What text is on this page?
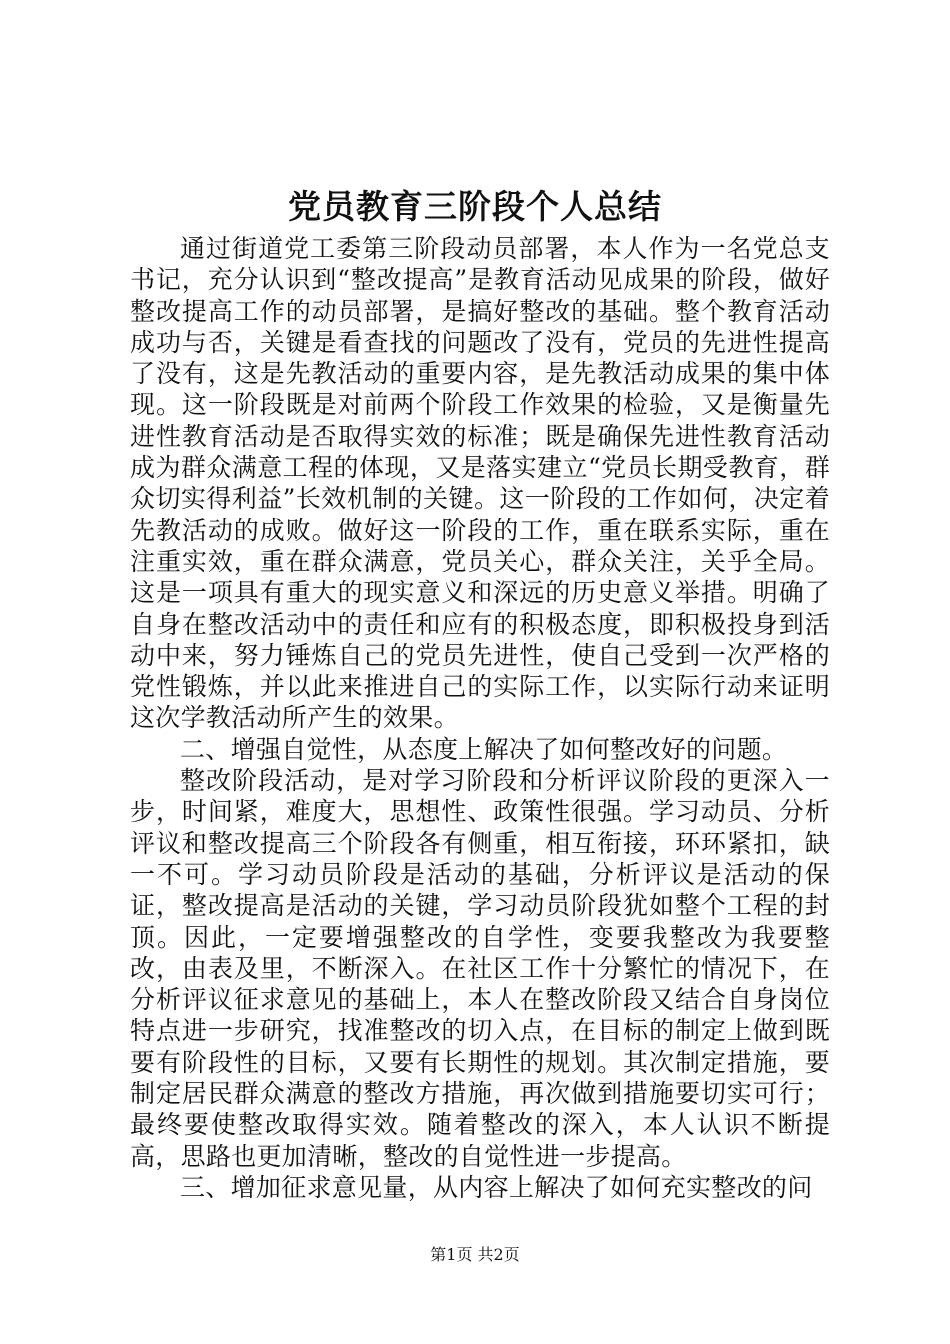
党员教育三阶段个人总结

通过街道党工委第三阶段动员部署，本人作为一名党总支书记，充分认识到“整改提高”是教育活动见成果的阶段，做好整改提高工作的动员部署，是搞好整改的基础。整个教育活动成功与否，关键是看查找的问题改了没有，党员的先进性提高了没有，这是先教活动的重要内容，是先教活动成果的集中体现。这一阶段既是对前两个阶段工作效果的检验，又是衡量先进性教育活动是否取得实效的标准；既是确保先进性教育活动成为群众满意工程的体现，又是落实建立“党员长期受教育，群众切实得利益”长效机制的关键。这一阶段的工作如何，决定着先教活动的成败。做好这一阶段的工作，重在联系实际，重在注重实效，重在群众满意，党员关心，群众关注，关乎全局。这是一项具有重大的现实意义和深远的历史意义举措。明确了自身在整改活动中的责任和应有的积极态度，即积极投身到活动中来，努力锤炼自己的党员先进性，使自己受到一次严格的党性锻炼，并以此来推进自己的实际工作，以实际行动来证明这次学教活动所产生的效果。

二、增强自觉性，从态度上解决了如何整改好的问题。

整改阶段活动，是对学习阶段和分析评议阶段的更深入一步，时间紧，难度大，思想性、政策性很强。学习动员、分析评议和整改提高三个阶段各有侧重，相互衔接，环环紧扣，缺一不可。学习动员阶段是活动的基础，分析评议是活动的保证，整改提高是活动的关键，学习动员阶段犹如整个工程的封顶。因此，一定要增强整改的自学性，变要我整改为我要整改，由表及里，不断深入。在社区工作十分繁忙的情况下，在分析评议征求意见的基础上，本人在整改阶段又结合自身岗位特点进一步研究，找准整改的切入点，在目标的制定上做到既要有阶段性的目标，又要有长期性的规划。其次制定措施，要制定居民群众满意的整改方措施，再次做到措施要切实可行；最终要使整改取得实效。随着整改的深入，本人认识不断提高，思路也更加清晰，整改的自觉性进一步提高。

三、增加征求意见量，从内容上解决了如何充实整改的问

第1页 共2页
